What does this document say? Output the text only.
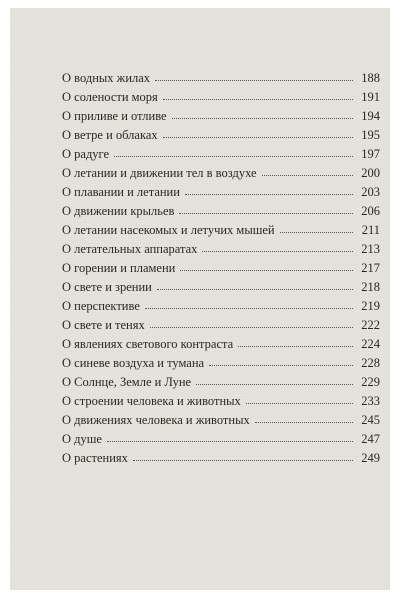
О водных жилах	188
О солености моря	191
О приливе и отливе	194
О ветре и облаках	195
О радуге	197
О летании и движении тел в воздухе	200
О плавании и летании	203
О движении крыльев	206
О летании насекомых и летучих мышей	211
О летательных аппаратах	213
О горении и пламени	217
О свете и зрении	218
О перспективе	219
О свете и тенях	222
О явлениях светового контраста	224
О синеве воздуха и тумана	228
О Солнце, Земле и Луне	229
О строении человека и животных	233
О движениях человека и животных	245
О душе	247
О растениях	249
